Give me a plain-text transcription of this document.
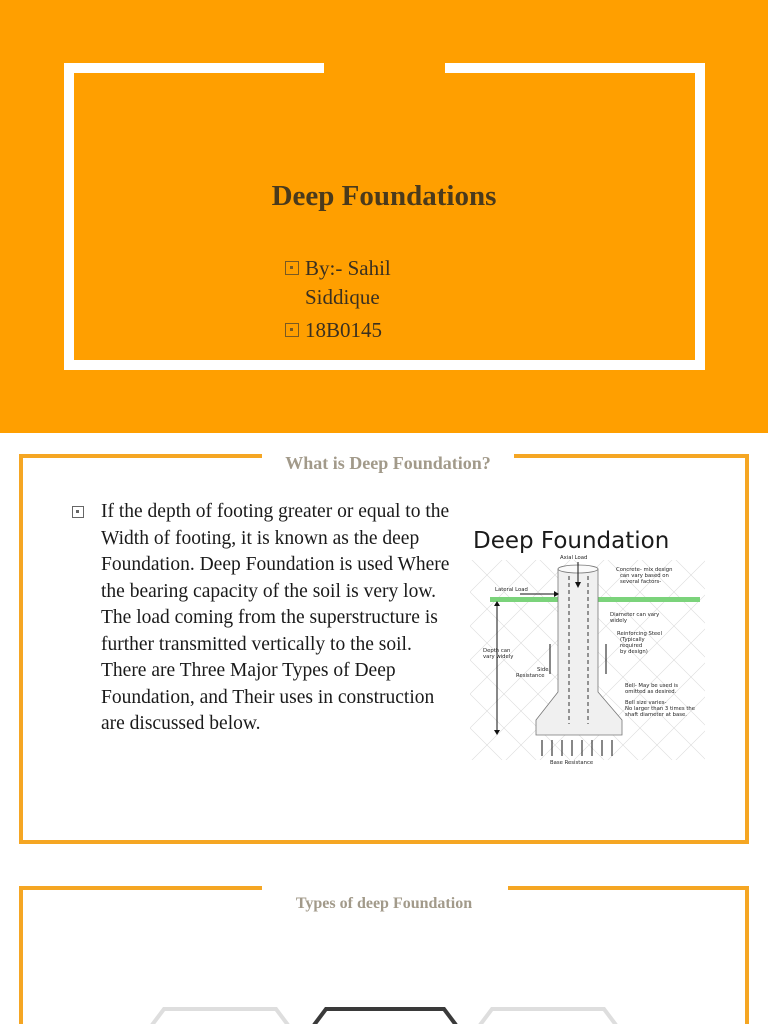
Deep Foundations
By:- Sahil
Siddique
18B0145
What is Deep Foundation?
If the depth of footing greater or equal to the Width of footing, it is known as the deep Foundation. Deep Foundation is used Where the bearing capacity of the soil is very low. The load coming from the superstructure is further transmitted vertically to the soil. There are Three Major Types of Deep Foundation, and Their uses in construction are discussed below.
Deep Foundation
Axial Load
Lateral Load
Concrete- mix design
can vary based on
several factors-
Diameter can vary
widely
Reinforcing Steel
(Typically
required
by design)
Depth can
vary widely
Side
Resistance
Bell- May be used is
omitted as desired.
Bell size varies-
No larger than 3 times the
shaft diameter at base.
Base Resistance
Types of deep Foundation
